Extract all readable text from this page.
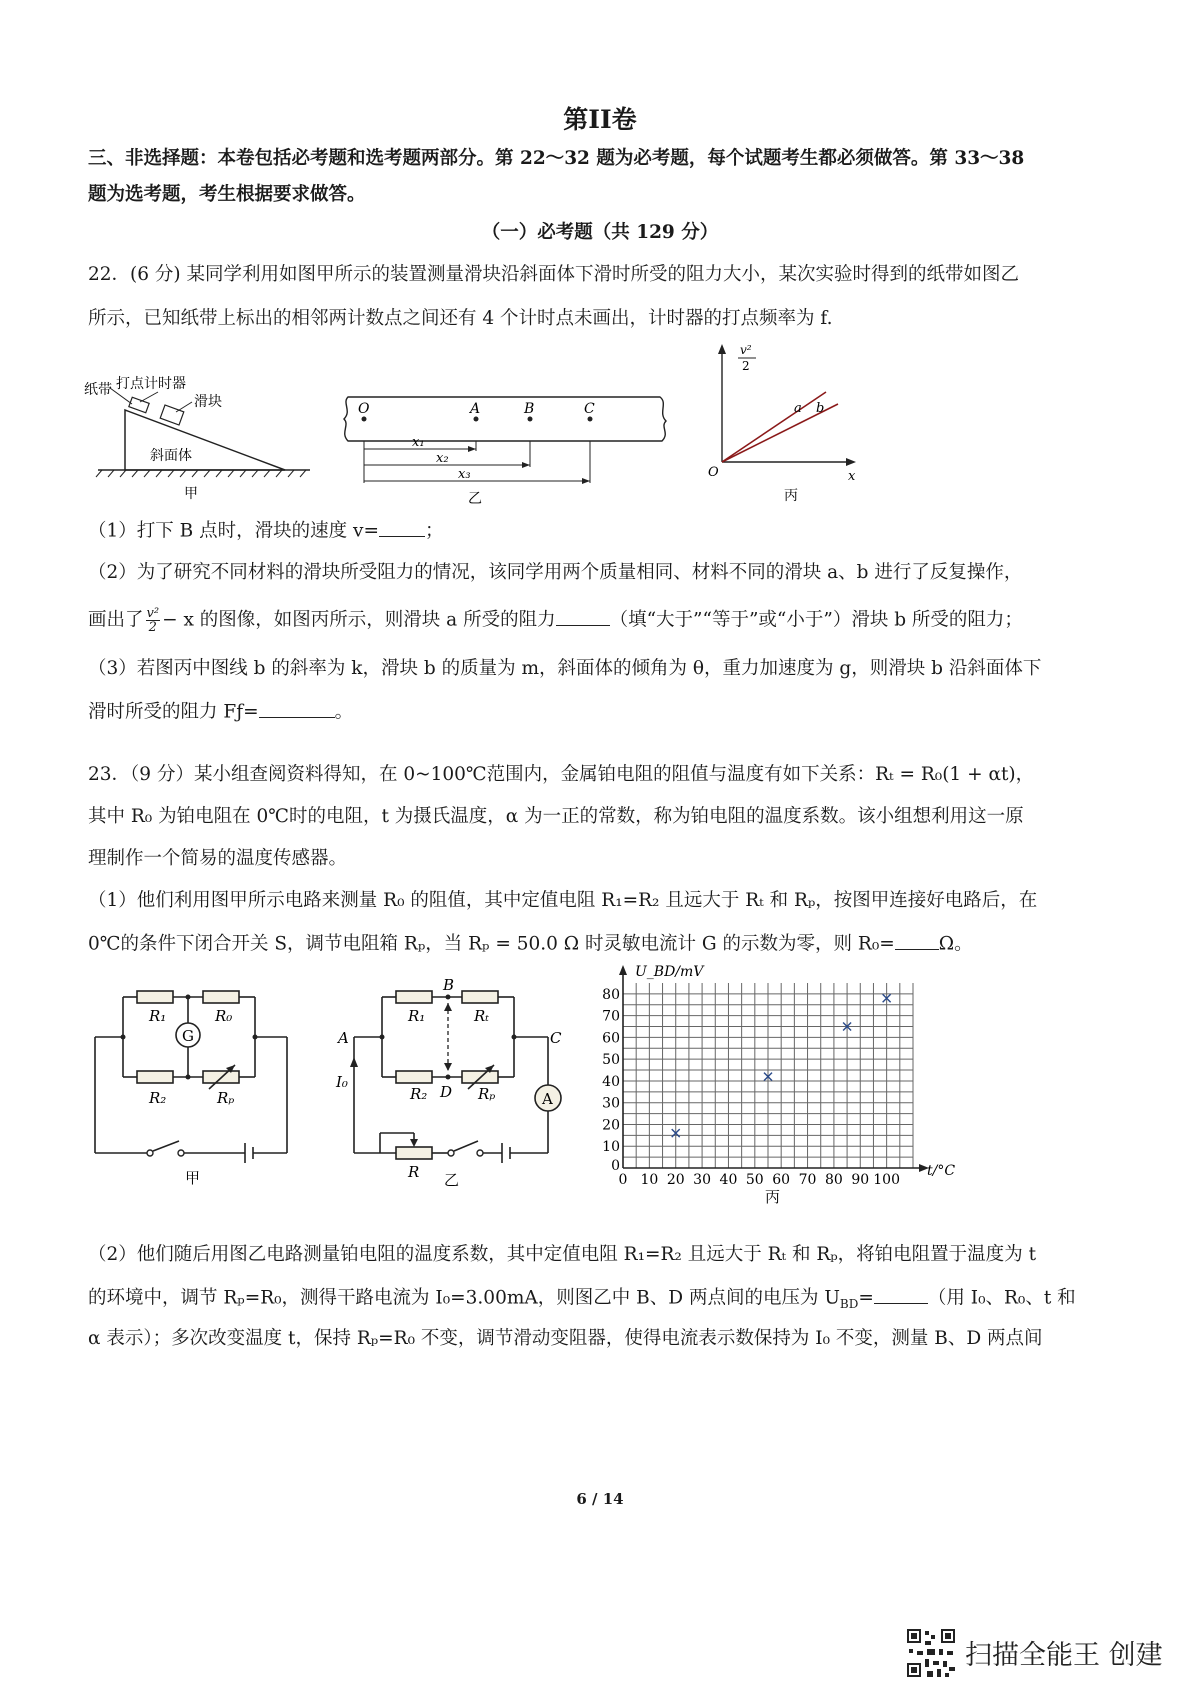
第II卷
三、非选择题：本卷包括必考题和选考题两部分。第 22～32 题为必考题，每个试题考生都必须做答。第 33～38
题为选考题，考生根据要求做答。
（一）必考题（共 129 分）
22．(6 分) 某同学利用如图甲所示的装置测量滑块沿斜面体下滑时所受的阻力大小，某次实验时得到的纸带如图乙
所示，已知纸带上标出的相邻两计数点之间还有 4 个计时点未画出，计时器的打点频率为 f.
纸带 打点计时器
滑块
斜面体
甲
O	A	B	C
x₁
x₂
x₃
乙
v²
2
O	x
a b
丙
（1）打下 B 点时，滑块的速度 v= ；
（2）为了研究不同材料的滑块所受阻力的情况，该同学用两个质量相同、材料不同的滑块 a、b 进行了反复操作，
画出了 $\frac{\text{v²}}{2} - x$ 的图像，如图丙所示，则滑块 a 所受的阻力	（填“大于”“等于”或“小于”）滑块 b 所受的阻力；
（3）若图丙中图线 b 的斜率为 k，滑块 b 的质量为 m，斜面体的倾角为 θ，重力加速度为 g，则滑块 b 沿斜面体下
滑时所受的阻力 Fƒ=	。
23．（9 分）某小组查阅资料得知，在 0~100℃范围内，金属铂电阻的阻值与温度有如下关系：Rₜ = R₀(1 + αt)，
其中 R₀ 为铂电阻在 0℃时的电阻，t 为摄氏温度，α 为一正的常数，称为铂电阻的温度系数。该小组想利用这一原
理制作一个简易的温度传感器。
（1）他们利用图甲所示电路来测量 R₀ 的阻值，其中定值电阻 R₁=R₂ 且远大于 Rₜ 和 Rₚ，按图甲连接好电路后，在
0℃的条件下闭合开关 S，调节电阻箱 Rₚ，当 Rₚ = 50.0 Ω 时灵敏电流计 G 的示数为零，则 R₀= Ω。
R₁	R₀
G
R₂	Rₚ
甲
B
D
A	C
I₀
R₁	Rₜ
R₂	Rₚ	A
R 乙	0 10 20 30 40 50 60 70 80 90 100
10
20
30
40
50
60
70
80
0
U_BD/mV
t/°C
丙
（2）他们随后用图乙电路测量铂电阻的温度系数，其中定值电阻 R₁=R₂ 且远大于 Rₜ 和 Rₚ，将铂电阻置于温度为 t
的环境中，调节 Rₚ=R₀，测得干路电流为 I₀=3.00mA，则图乙中 B、D 两点间的电压为 $U_{BD}=$	（用 I₀、R₀、t 和
α 表示）；多次改变温度 t，保持 Rₚ=R₀ 不变，调节滑动变阻器，使得电流表示数保持为 I₀ 不变，测量 B、D 两点间
6 / 14
扫描全能王 创建
